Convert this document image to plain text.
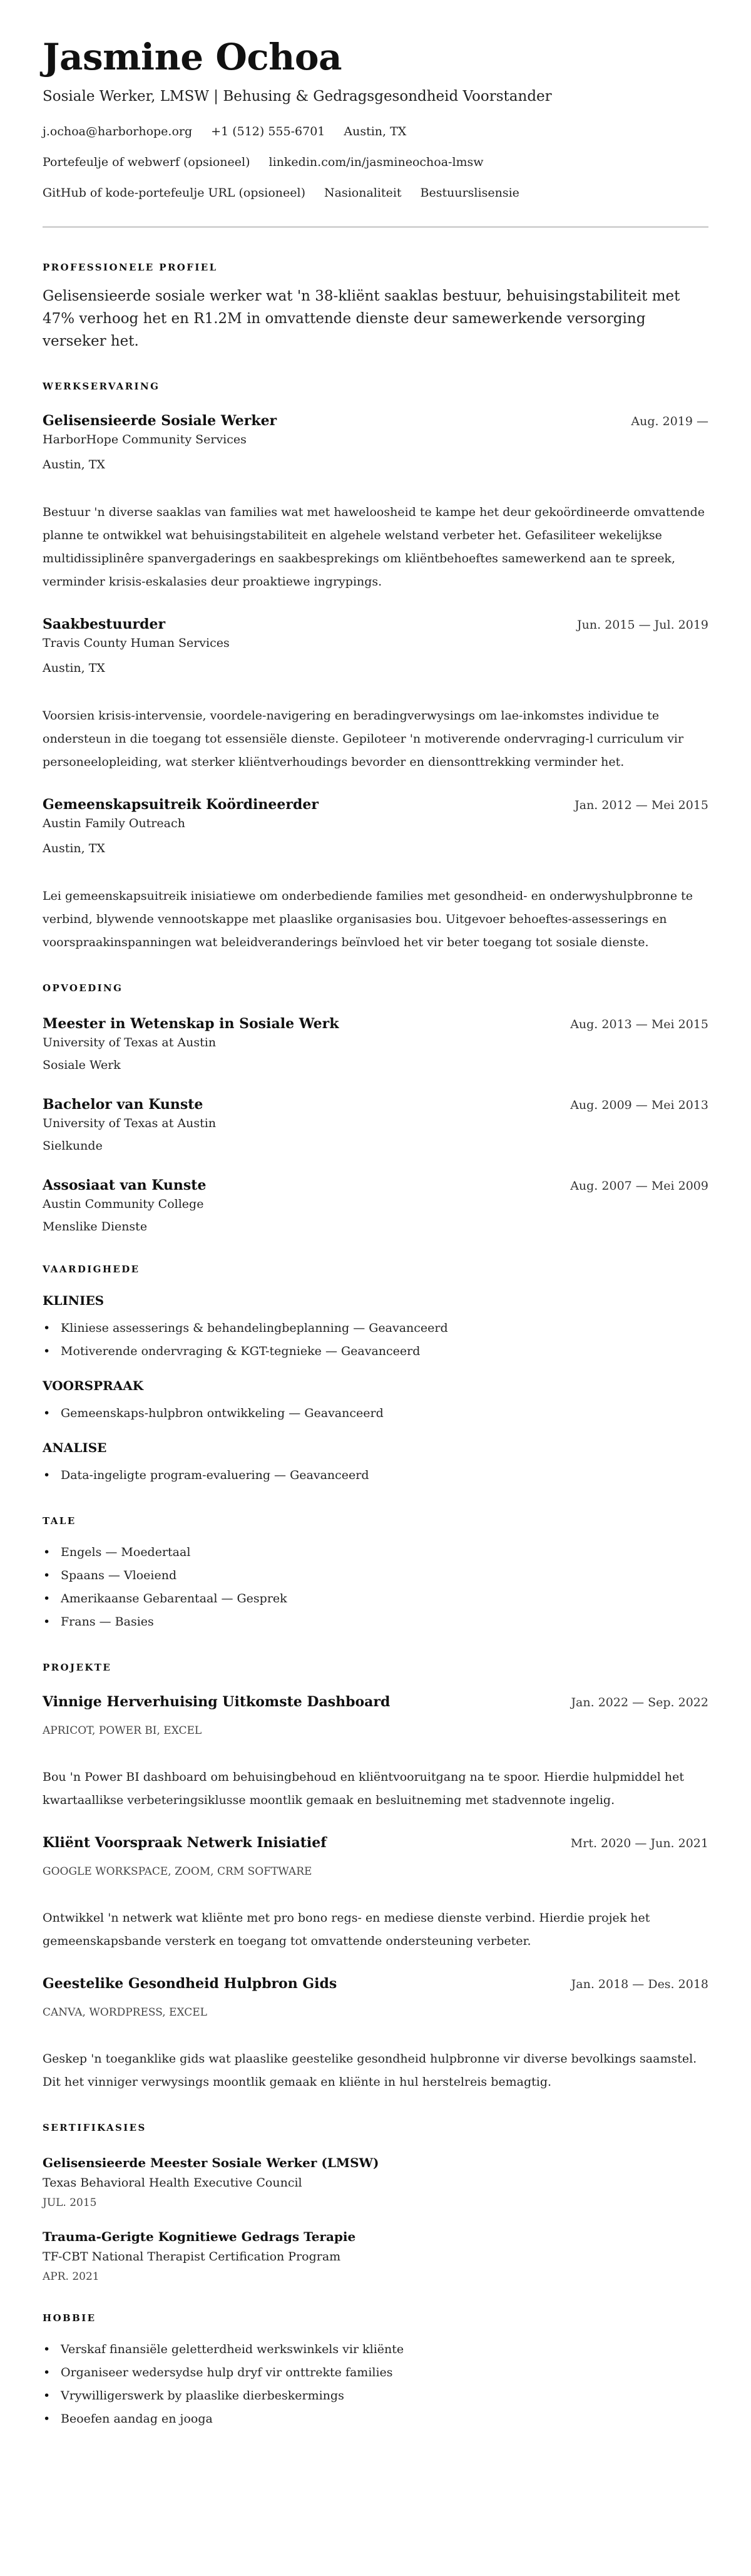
Jasmine Ochoa
Sosiale Werker, LMSW | Behusing & Gedragsgesondheid Voorstander
j.ochoa@harborhope.org +1 (512) 555-6701 Austin, TX
Portefeulje of webwerf (opsioneel) linkedin.com/in/jasmineochoa-lmsw
GitHub of kode-portefeulje URL (opsioneel) Nasionaliteit Bestuurslisensie
PROFESSIONELE PROFIEL

Gelisensieerde sosiale werker wat 'n 38-kliënt saaklas bestuur, behuisingstabiliteit met 47% verhoog het en R1.2M in omvattende dienste deur samewerkende versorging verseker het.

WERKSERVARING
Gelisensieerde Sosiale Werker	Aug. 2019 —
HarborHope Community Services
Austin, TX

Bestuur 'n diverse saaklas van families wat met haweloosheid te kampe het deur gekoördineerde omvattende planne te ontwikkel wat behuisingstabiliteit en algehele welstand verbeter het. Gefasiliteer wekelijkse multidissiplinêre spanvergaderings en saakbesprekings om kliëntbehoeftes samewerkend aan te spreek, verminder krisis-eskalasies deur proaktiewe ingrypings.

Saakbestuurder	Jun. 2015 — Jul. 2019
Travis County Human Services
Austin, TX

Voorsien krisis-intervensie, voordele-navigering en beradingverwysings om lae-inkomstes individue te ondersteun in die toegang tot essensiële dienste. Gepiloteer 'n motiverende ondervraging-l curriculum vir personeelopleiding, wat sterker kliëntverhoudings bevorder en diensonttrekking verminder het.

Gemeenskapsuitreik Koördineerder	Jan. 2012 — Mei 2015
Austin Family Outreach
Austin, TX

Lei gemeenskapsuitreik inisiatiewe om onderbediende families met gesondheid- en onderwyshulpbronne te verbind, blywende vennootskappe met plaaslike organisasies bou. Uitgevoer behoeftes-assesserings en voorspraakinspanningen wat beleidveranderings beïnvloed het vir beter toegang tot sosiale dienste.

OPVOEDING
Meester in Wetenskap in Sosiale Werk	Aug. 2013 — Mei 2015
University of Texas at Austin
Sosiale Werk
Bachelor van Kunste	Aug. 2009 — Mei 2013
University of Texas at Austin
Sielkunde
Assosiaat van Kunste	Aug. 2007 — Mei 2009
Austin Community College
Menslike Dienste
VAARDIGHEDE
KLINIES
• Kliniese assesserings & behandelingbeplanning — Geavanceerd
• Motiverende ondervraging & KGT-tegnieke — Geavanceerd
VOORSPRAAK
• Gemeenskaps-hulpbron ontwikkeling — Geavanceerd
ANALISE
• Data-ingeligte program-evaluering — Geavanceerd
TALE
• Engels — Moedertaal
• Spaans — Vloeiend
• Amerikaanse Gebarentaal — Gesprek
• Frans — Basies
PROJEKTE
Vinnige Herverhuising Uitkomste Dashboard	Jan. 2022 — Sep. 2022
APRICOT, POWER BI, EXCEL

Bou 'n Power BI dashboard om behuisingbehoud en kliëntvooruitgang na te spoor. Hierdie hulpmiddel het kwartaallikse verbeteringsiklusse moontlik gemaak en besluitneming met stadvennote ingelig.

Kliënt Voorspraak Netwerk Inisiatief	Mrt. 2020 — Jun. 2021
GOOGLE WORKSPACE, ZOOM, CRM SOFTWARE

Ontwikkel 'n netwerk wat kliënte met pro bono regs- en mediese dienste verbind. Hierdie projek het gemeenskapsbande versterk en toegang tot omvattende ondersteuning verbeter.

Geestelike Gesondheid Hulpbron Gids	Jan. 2018 — Des. 2018
CANVA, WORDPRESS, EXCEL

Geskep 'n toeganklike gids wat plaaslike geestelike gesondheid hulpbronne vir diverse bevolkings saamstel. Dit het vinniger verwysings moontlik gemaak en kliënte in hul herstelreis bemagtig.

SERTIFIKASIES
Gelisensieerde Meester Sosiale Werker (LMSW)
Texas Behavioral Health Executive Council
JUL. 2015
Trauma-Gerigte Kognitiewe Gedrags Terapie
TF-CBT National Therapist Certification Program
APR. 2021
HOBBIE
• Verskaf finansiële geletterdheid werkswinkels vir kliënte
• Organiseer wedersydse hulp dryf vir onttrekte families
• Vrywilligerswerk by plaaslike dierbeskermings
• Beoefen aandag en jooga
